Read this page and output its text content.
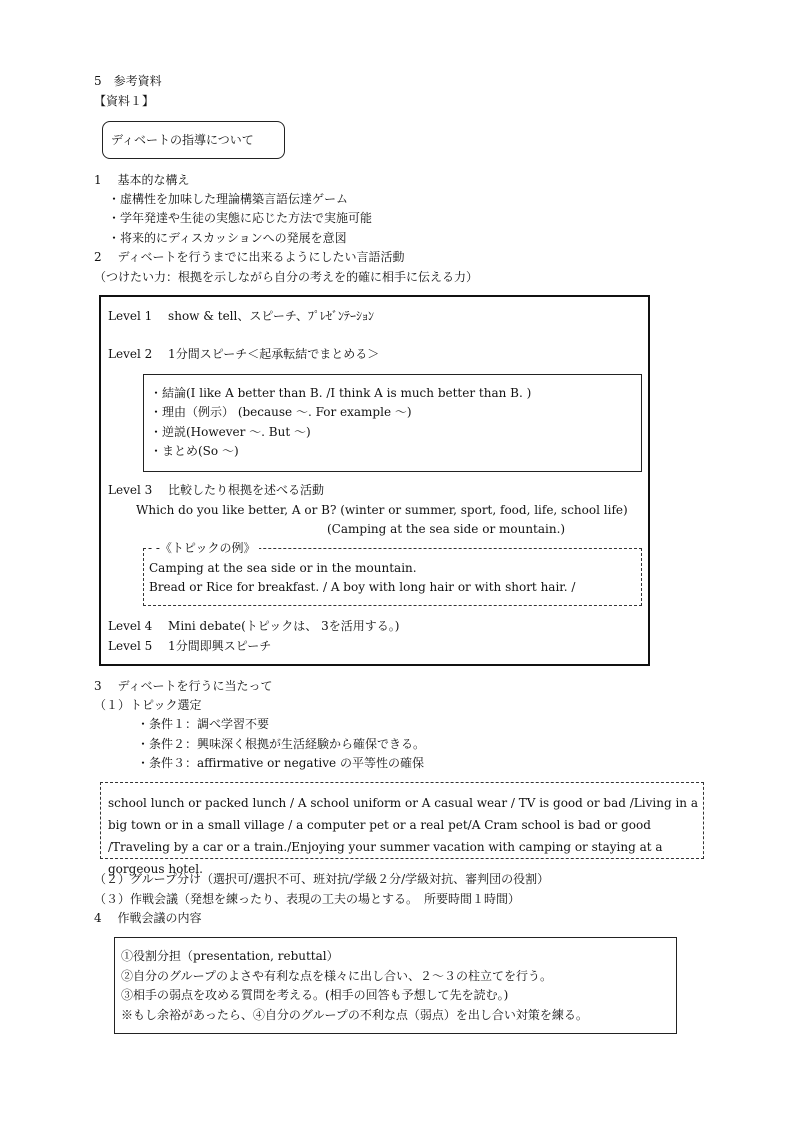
5　参考資料
【資料１】
ディベートの指導について
1　 基本的な構え
・虚構性を加味した理論構築言語伝達ゲーム
・学年発達や生徒の実態に応じた方法で実施可能
・将来的にディスカッションへの発展を意図
2　 ディベートを行うまでに出来るようにしたい言語活動
（つけたい力：根拠を示しながら自分の考えを的確に相手に伝える力）
Level 1　 show & tell、スピーチ、ﾌﾟﾚｾﾞﾝﾃｰｼｮﾝ
Level 2　 1分間スピーチ＜起承転結でまとめる＞
・結論(I like A better than B. /I think A is much better than B. )
・理由（例示） (because ～. For example ～)
・逆説(However ～. But ～)
・まとめ(So ～)
Level 3　 比較したり根拠を述べる活動
Which do you like better, A or B? (winter or summer, sport, food, life, school life)
(Camping at the sea side or mountain.)
- -《トピックの例》
Camping at the sea side or in the mountain.
Bread or Rice for breakfast. / A boy with long hair or with short hair. /
Level 4　 Mini debate(トピックは、 3を活用する。)
Level 5　 1分間即興スピーチ
3　 ディベートを行うに当たって
（１）トピック選定
・条件１：調べ学習不要
・条件２：興味深く根拠が生活経験から確保できる。
・条件３：affirmative or negative の平等性の確保
school lunch or packed lunch / A school uniform or A casual wear / TV is good or bad /Living in a big town or in a small village / a computer pet or a real pet/A Cram school is bad or good /Traveling by a car or a train./Enjoying your summer vacation with camping or staying at a gorgeous hotel.
（２）グループ分け（選択可/選択不可、班対抗/学級２分/学級対抗、審判団の役割）
（３）作戦会議（発想を練ったり、表現の工夫の場とする。　所要時間１時間）
4　 作戦会議の内容
①役割分担（presentation, rebuttal）
②自分のグループのよさや有利な点を様々に出し合い、２～３の柱立てを行う。
③相手の弱点を攻める質問を考える。(相手の回答も予想して先を読む。)
※もし余裕があったら、④自分のグループの不利な点（弱点）を出し合い対策を練る。
